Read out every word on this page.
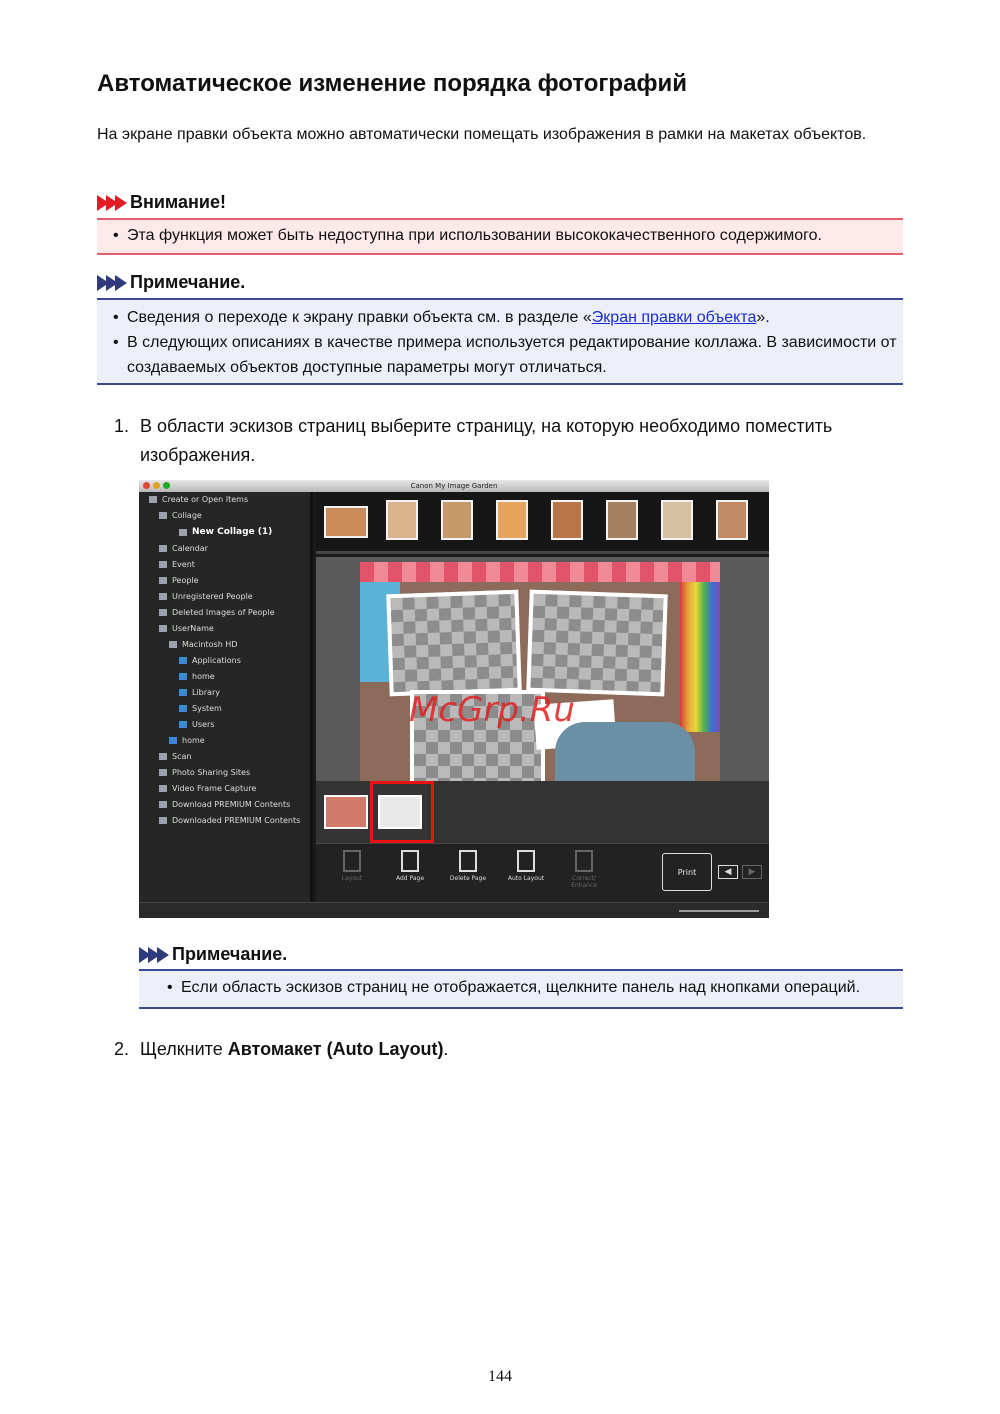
Автоматическое изменение порядка фотографий
На экране правки объекта можно автоматически помещать изображения в рамки на макетах объектов.
Внимание!
• Эта функция может быть недоступна при использовании высококачественного содержимого.
Примечание.
• Сведения о переходе к экрану правки объекта см. в разделе «Экран правки объекта».
• В следующих описаниях в качестве примера используется редактирование коллажа. В зависимости от создаваемых объектов доступные параметры могут отличаться.
1. В области эскизов страниц выберите страницу, на которую необходимо поместить изображения.
Canon My Image Garden
Create or Open Items
Collage
New Collage (1)
Calendar
Event
People
Unregistered People
Deleted Images of People
UserName
Macintosh HD
Applications
home
Library
System
Users
home
Scan
Photo Sharing Sites
Video Frame Capture
Download PREMIUM Contents
Downloaded PREMIUM Contents
McGrp.Ru
Layout	Add Page	Delete Page	Auto Layout	Correct/ Enhance
Print	◀	▶
Примечание.
• Если область эскизов страниц не отображается, щелкните панель над кнопками операций.
2. Щелкните Автомакет (Auto Layout).
144
